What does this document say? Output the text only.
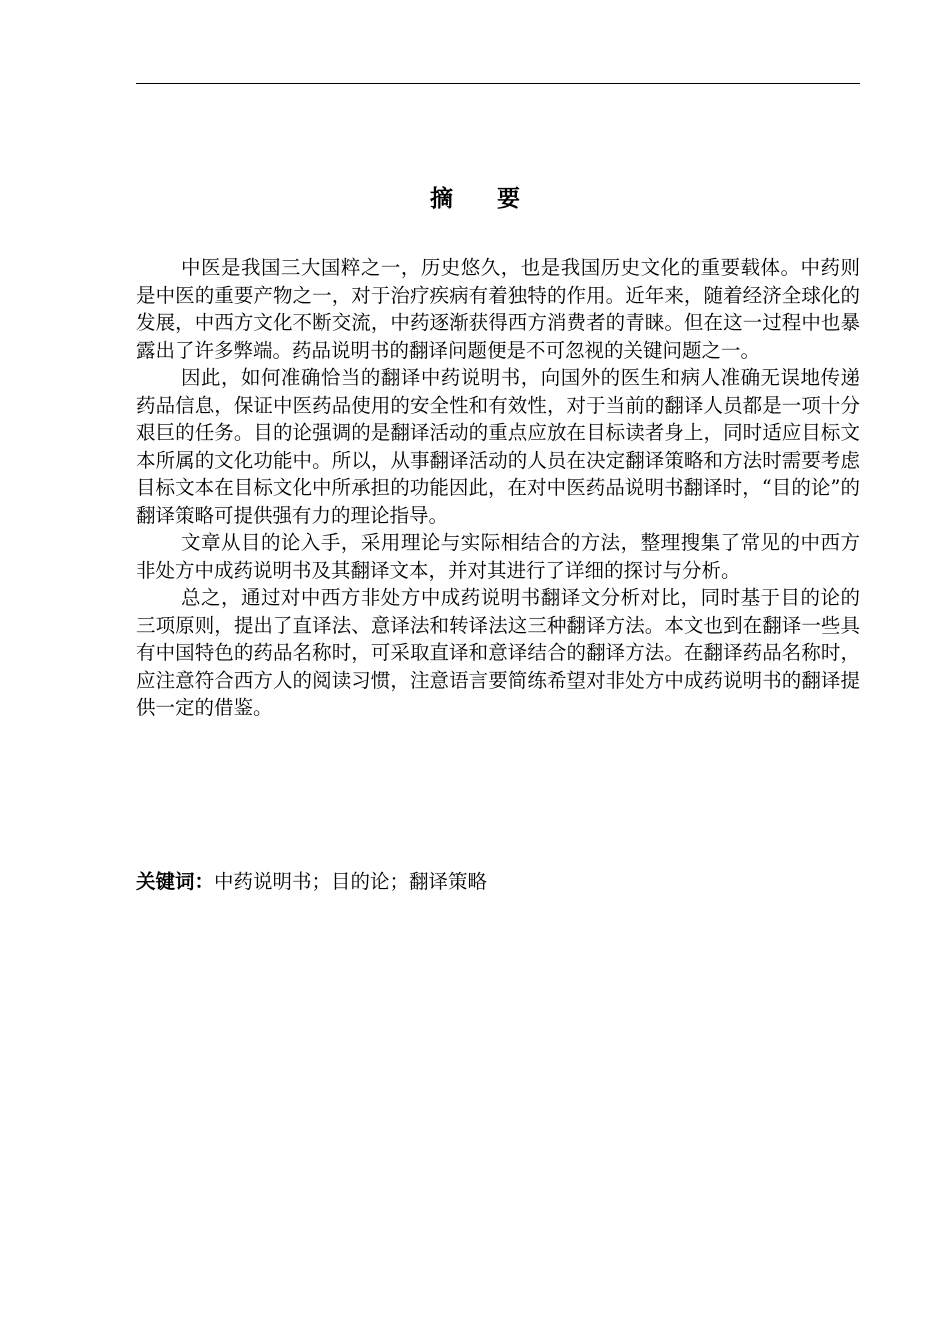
摘要

中医是我国三大国粹之一，历史悠久，也是我国历史文化的重要载体。中药则是中医的重要产物之一，对于治疗疾病有着独特的作用。近年来，随着经济全球化的发展，中西方文化不断交流，中药逐渐获得西方消费者的青睐。但在这一过程中也暴露出了许多弊端。药品说明书的翻译问题便是不可忽视的关键问题之一。

因此，如何准确恰当的翻译中药说明书，向国外的医生和病人准确无误地传递药品信息，保证中医药品使用的安全性和有效性，对于当前的翻译人员都是一项十分艰巨的任务。目的论强调的是翻译活动的重点应放在目标读者身上，同时适应目标文本所属的文化功能中。所以，从事翻译活动的人员在决定翻译策略和方法时需要考虑目标文本在目标文化中所承担的功能因此，在对中医药品说明书翻译时，“目的论”的翻译策略可提供强有力的理论指导。

文章从目的论入手，采用理论与实际相结合的方法，整理搜集了常见的中西方非处方中成药说明书及其翻译文本，并对其进行了详细的探讨与分析。

总之，通过对中西方非处方中成药说明书翻译文分析对比，同时基于目的论的三项原则，提出了直译法、意译法和转译法这三种翻译方法。本文也到在翻译一些具有中国特色的药品名称时，可采取直译和意译结合的翻译方法。在翻译药品名称时，应注意符合西方人的阅读习惯，注意语言要简练希望对非处方中成药说明书的翻译提供一定的借鉴。

关键词：中药说明书；目的论；翻译策略
